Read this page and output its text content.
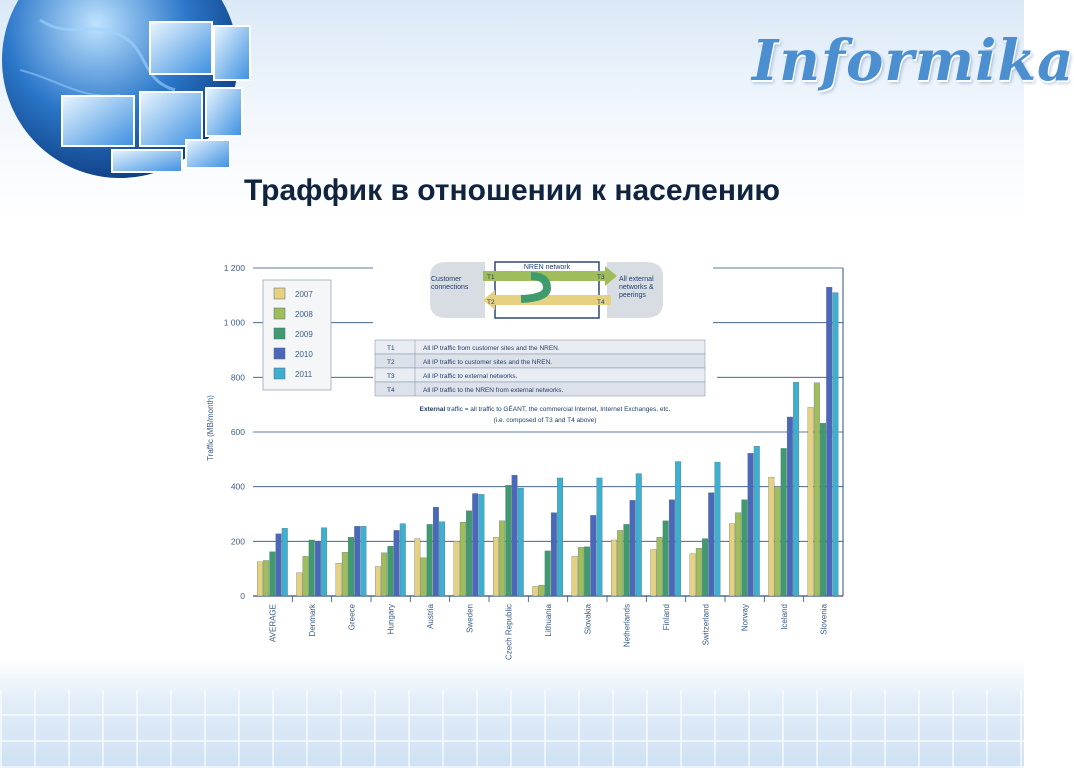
Informika
Траффик в отношении к населению
Traffic (MB/month)
0
200
400
600
800
1 000
1 200
AVERAGE	Denmark	Greece	Hungary	Austria	Sweden	Czech Republic	Lithuania	Slovakia	Netherlands	Finland	Switzerland	Norway	Iceland	Slovenia
2007
2008
2009
2010
2011
NREN network
T1
T2
T3
T4
Customer connections
All external networks & peerings
T1	All IP traffic from customer sites and the NREN.
T2	All IP traffic to customer sites and the NREN.
T3	All IP traffic to external networks.
T4	All IP traffic to the NREN from external networks.
External traffic = all traffic to GÉANT, the commercial Internet, Internet Exchanges, etc.
(i.e. composed of T3 and T4 above)
